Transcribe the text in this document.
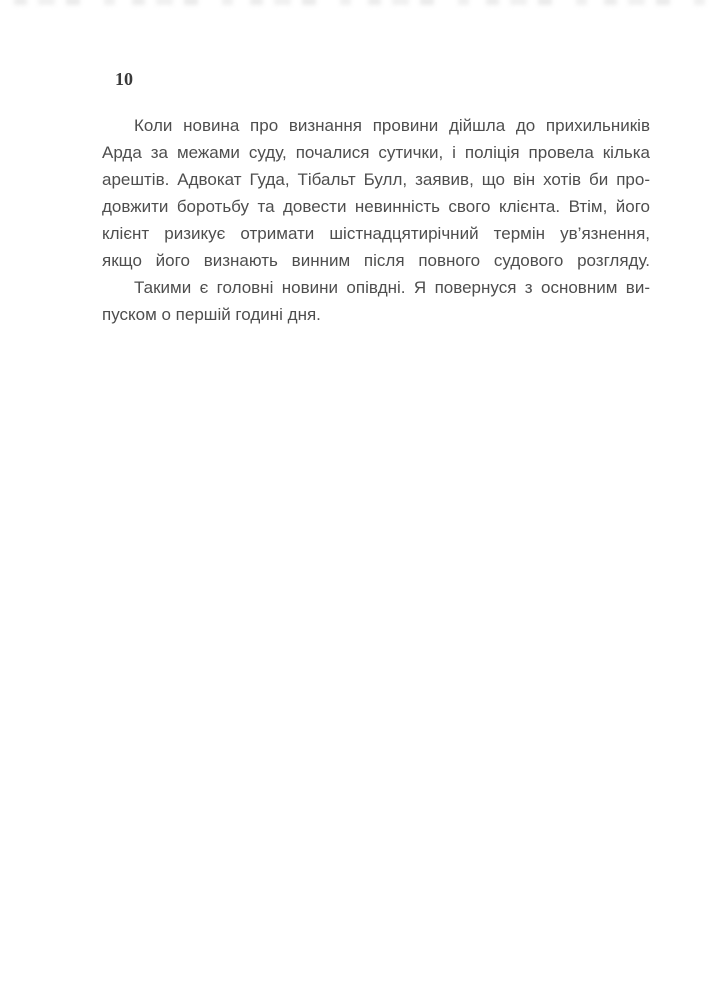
10
Коли новина про визнання провини дійшла до прихильників
Арда за межами суду, почалися сутички, і поліція провела кілька
арештів. Адвокат Гуда, Тібальт Булл, заявив, що він хотів би про-
довжити боротьбу та довести невинність свого клієнта. Втім, його
клієнт ризикує отримати шістнадцятирічний термін ув’язнення,
якщо його визнають винним після повного судового розгляду.
Такими є головні новини опівдні. Я повернуся з основним ви-
пуском о першій годині дня.
